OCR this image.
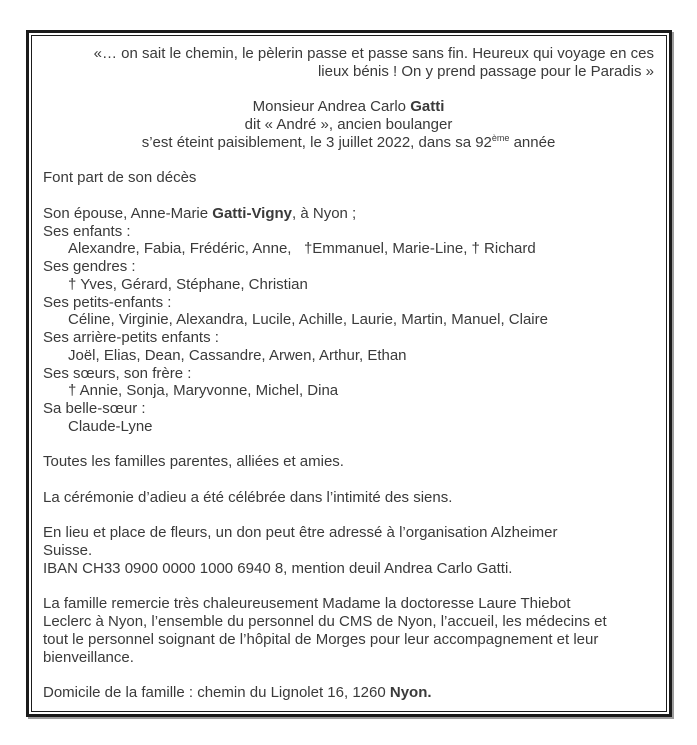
«… on sait le chemin, le pèlerin passe et passe sans fin. Heureux qui voyage en ces
lieux bénis ! On y prend passage pour le Paradis »
Monsieur Andrea Carlo Gatti
dit « André », ancien boulanger
s’est éteint paisiblement, le 3 juillet 2022, dans sa 92ème année
Font part de son décès
Son épouse, Anne-Marie Gatti-Vigny, à Nyon ;
Ses enfants :
Alexandre, Fabia, Frédéric, Anne,   †Emmanuel, Marie-Line, † Richard
Ses gendres :
† Yves, Gérard, Stéphane, Christian
Ses petits-enfants :
Céline, Virginie, Alexandra, Lucile, Achille, Laurie, Martin, Manuel, Claire
Ses arrière-petits enfants :
Joël, Elias, Dean, Cassandre, Arwen, Arthur, Ethan
Ses sœurs, son frère :
† Annie, Sonja, Maryvonne, Michel, Dina
Sa belle-sœur :
Claude-Lyne
Toutes les familles parentes, alliées et amies.
La cérémonie d’adieu a été célébrée dans l’intimité des siens.
En lieu et place de fleurs, un don peut être adressé à l’organisation Alzheimer
Suisse.
IBAN CH33 0900 0000 1000 6940 8, mention deuil Andrea Carlo Gatti.
La famille remercie très chaleureusement Madame la doctoresse Laure Thiebot
Leclerc à Nyon, l’ensemble du personnel du CMS de Nyon, l’accueil, les médecins et
tout le personnel soignant de l’hôpital de Morges pour leur accompagnement et leur
bienveillance.
Domicile de la famille : chemin du Lignolet 16, 1260 Nyon.
